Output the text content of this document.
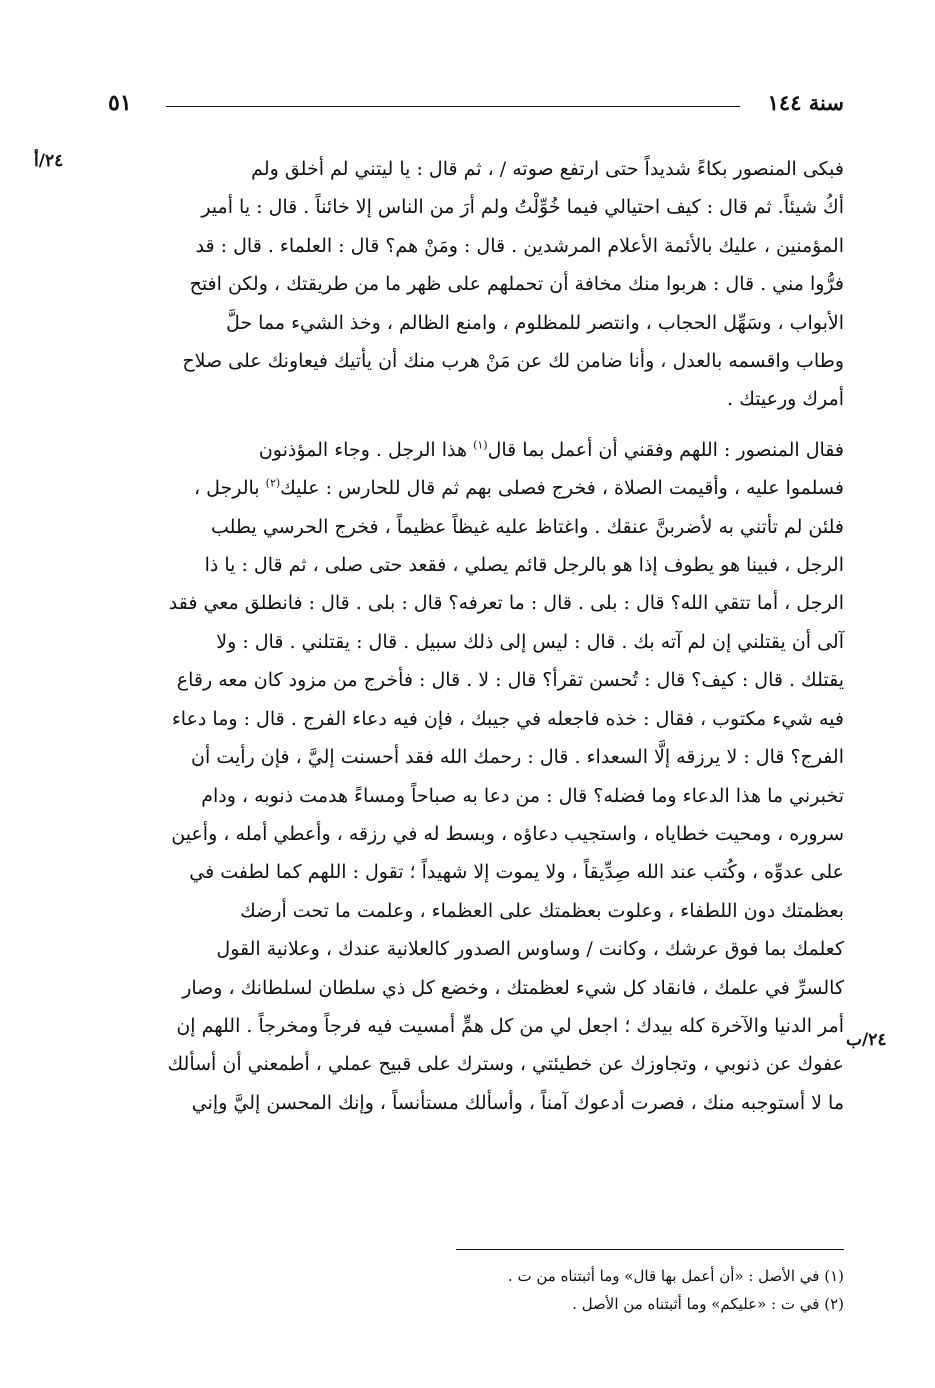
٥١	سنة ١٤٤
٢٤/أ
٢٤/ب

فبكى المنصور بكاءً شديداً حتى ارتفع صوته / ، ثم قال : يا ليتني لم أخلق ولم
أكُ شيئاً. ثم قال : كيف احتيالي فيما خُوِّلْتُ ولم أرَ من الناس إلا خائناً . قال : يا أمير
المؤمنين ، عليك بالأئمة الأعلام المرشدين . قال : ومَنْ هم؟ قال : العلماء . قال : قد
فرُّوا مني . قال : هربوا منك مخافة أن تحملهم على ظهر ما من طريقتك ، ولكن افتح
الأبواب ، وسَهِّل الحجاب ، وانتصر للمظلوم ، وامنع الظالم ، وخذ الشيء مما حلَّ
وطاب واقسمه بالعدل ، وأنا ضامن لك عن مَنْ هرب منك أن يأتيك فيعاونك على صلاح
أمرك ورعيتك .

فقال المنصور : اللهم وفقني أن أعمل بما قال$^{(١)}$ هذا الرجل . وجاء المؤذنون
فسلموا عليه ، وأقيمت الصلاة ، فخرج فصلى بهم ثم قال للحارس : عليك$^{(٢)}$ بالرجل ،
فلئن لم تأتني به لأضربنَّ عنقك . واغتاظ عليه غيظاً عظيماً ، فخرج الحرسي يطلب
الرجل ، فبينا هو يطوف إذا هو بالرجل قائم يصلي ، فقعد حتى صلى ، ثم قال : يا ذا
الرجل ، أما تتقي الله؟ قال : بلى . قال : ما تعرفه؟ قال : بلى . قال : فانطلق معي فقد
آلى أن يقتلني إن لم آته بك . قال : ليس إلى ذلك سبيل . قال : يقتلني . قال : ولا
يقتلك . قال : كيف؟ قال : تُحسن تقرأ؟ قال : لا . قال : فأخرج من مزود كان معه رقاع
فيه شيء مكتوب ، فقال : خذه فاجعله في جيبك ، فإن فيه دعاء الفرج . قال : وما دعاء
الفرج؟ قال : لا يرزقه إلَّا السعداء . قال : رحمك الله فقد أحسنت إليَّ ، فإن رأيت أن
تخبرني ما هذا الدعاء وما فضله؟ قال : من دعا به صباحاً ومساءً هدمت ذنوبه ، ودام
سروره ، ومحيت خطاياه ، واستجيب دعاؤه ، وبسط له في رزقه ، وأعطي أمله ، وأعين
على عدوِّه ، وكُتب عند الله صِدِّيقاً ، ولا يموت إلا شهيداً ؛ تقول : اللهم كما لطفت في
بعظمتك دون اللطفاء ، وعلوت بعظمتك على العظماء ، وعلمت ما تحت أرضك
كعلمك بما فوق عرشك ، وكانت / وساوس الصدور كالعلانية عندك ، وعلانية القول
كالسرِّ في علمك ، فانقاد كل شيء لعظمتك ، وخضع كل ذي سلطان لسلطانك ، وصار
أمر الدنيا والآخرة كله بيدك ؛ اجعل لي من كل همٍّ أمسيت فيه فرجاً ومخرجاً . اللهم إن
عفوك عن ذنوبي ، وتجاوزك عن خطيئتي ، وسترك على قبيح عملي ، أطمعني أن أسألك
ما لا أستوجبه منك ، فصرت أدعوك آمناً ، وأسألك مستأنساً ، وإنك المحسن إليَّ وإني

(١) في الأصل : «أن أعمل بها قال» وما أثبتناه من ت .

(٢) في ت : «عليكم» وما أثبتناه من الأصل .
